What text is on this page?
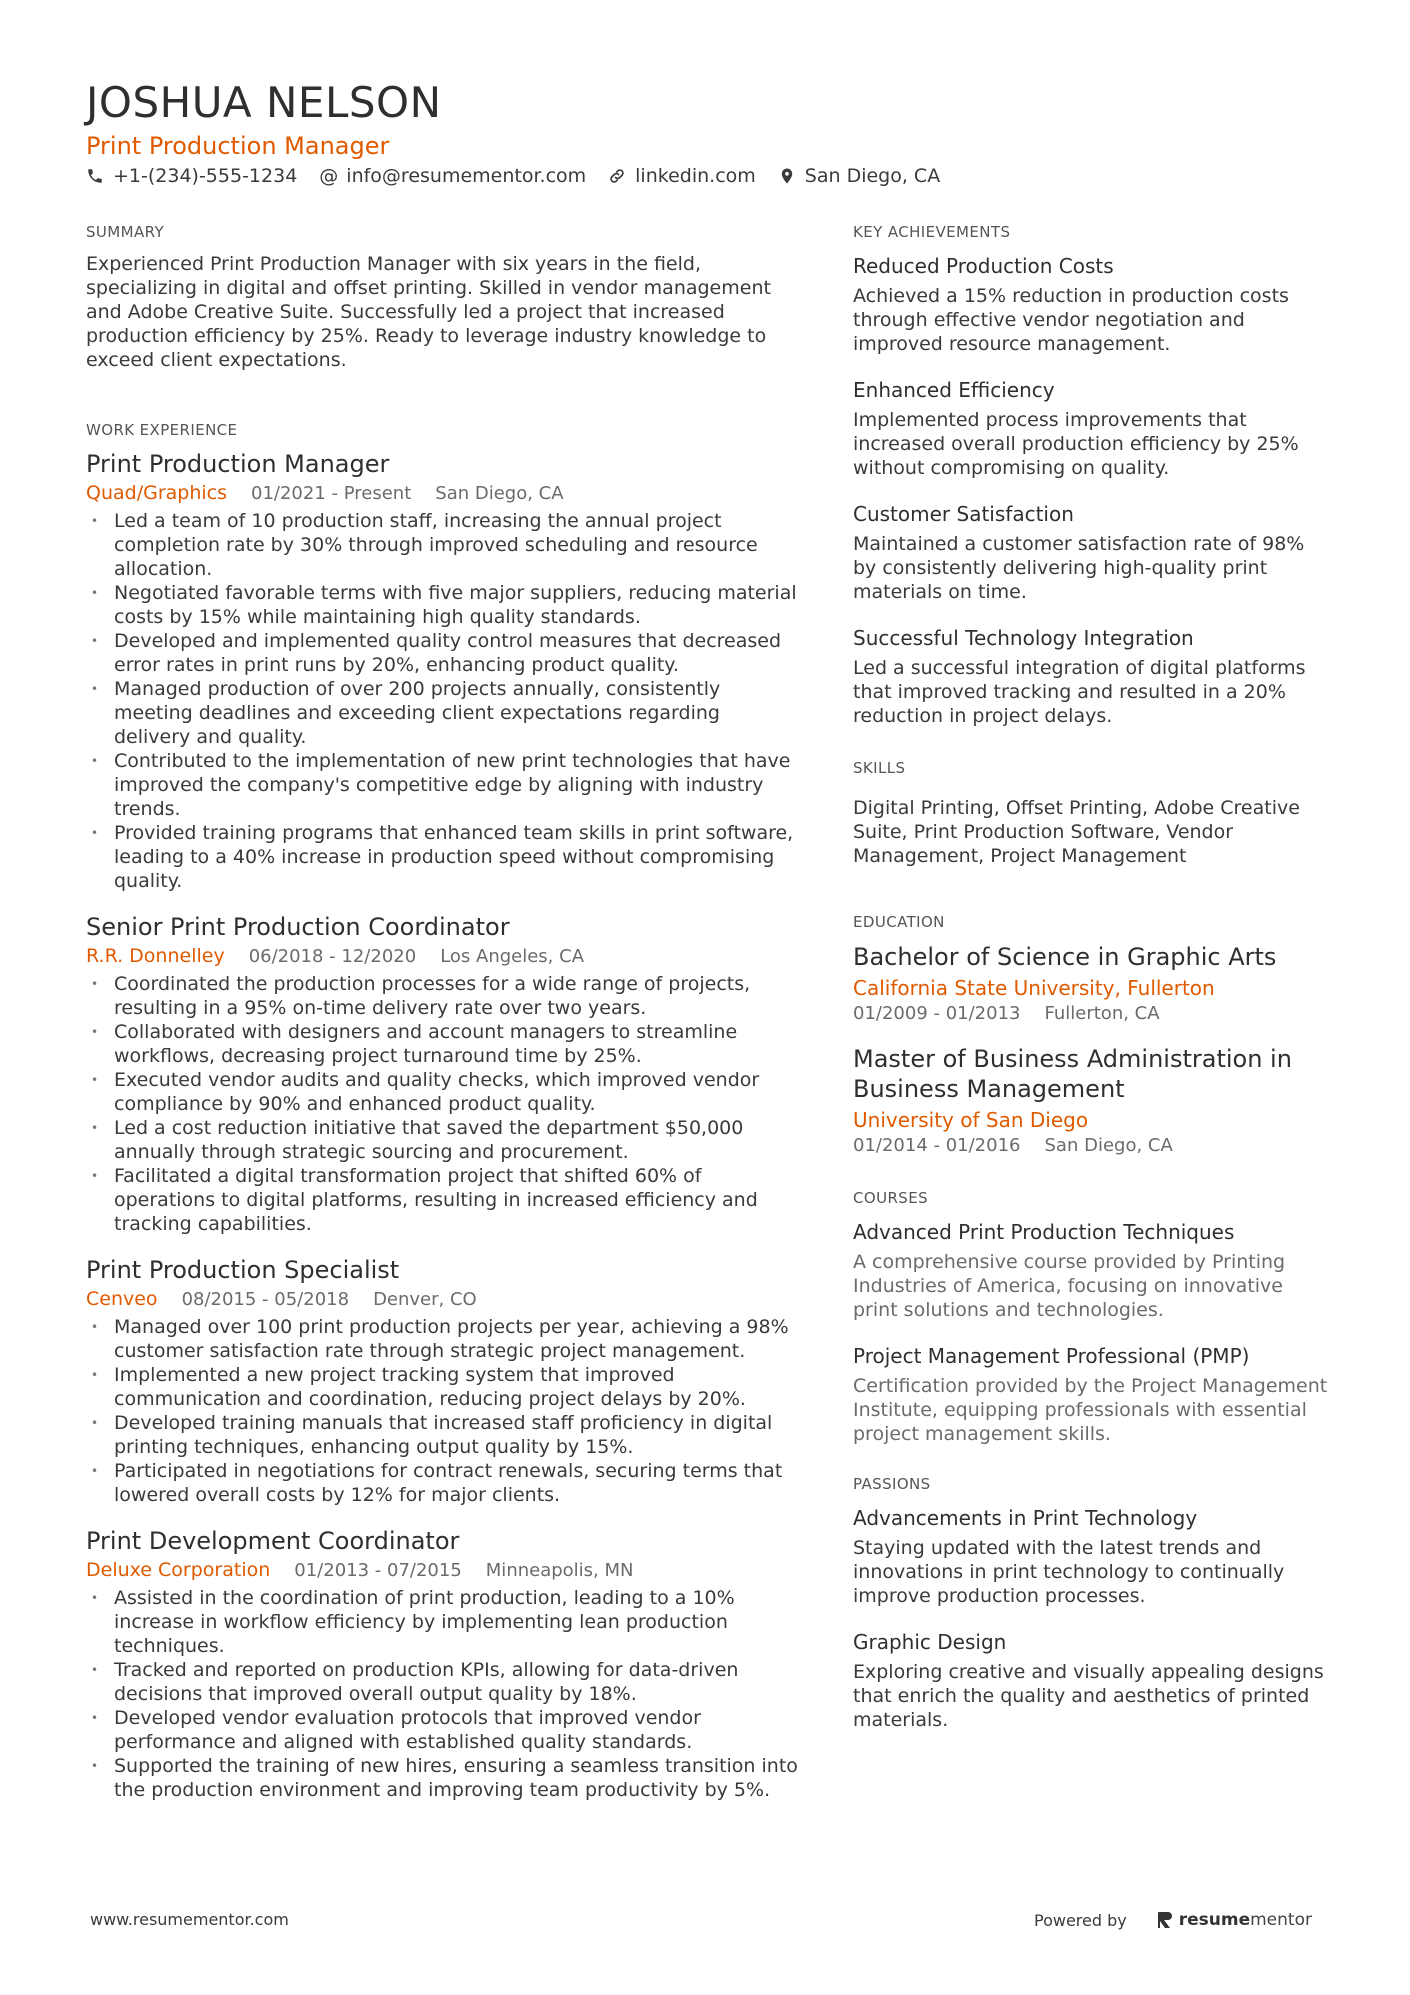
JOSHUA NELSON
Print Production Manager
+1-(234)-555-1234 @ info@resumementor.com	linkedin.com	San Diego, CA
SUMMARY

Experienced Print Production Manager with six years in the field, specializing in digital and offset printing. Skilled in vendor management and Adobe Creative Suite. Successfully led a project that increased production efficiency by 25%. Ready to leverage industry knowledge to exceed client expectations.

WORK EXPERIENCE
Print Production Manager
Quad/Graphics 01/2021 - Present San Diego, CA
• Led a team of 10 production staff, increasing the annual project completion rate by 30% through improved scheduling and resource allocation.
• Negotiated favorable terms with five major suppliers, reducing material costs by 15% while maintaining high quality standards.
• Developed and implemented quality control measures that decreased error rates in print runs by 20%, enhancing product quality.
• Managed production of over 200 projects annually, consistently meeting deadlines and exceeding client expectations regarding delivery and quality.
• Contributed to the implementation of new print technologies that have improved the company's competitive edge by aligning with industry trends.
• Provided training programs that enhanced team skills in print software, leading to a 40% increase in production speed without compromising quality.
Senior Print Production Coordinator
R.R. Donnelley 06/2018 - 12/2020 Los Angeles, CA
• Coordinated the production processes for a wide range of projects, resulting in a 95% on-time delivery rate over two years.
• Collaborated with designers and account managers to streamline workflows, decreasing project turnaround time by 25%.
• Executed vendor audits and quality checks, which improved vendor compliance by 90% and enhanced product quality.
• Led a cost reduction initiative that saved the department $50,000 annually through strategic sourcing and procurement.
• Facilitated a digital transformation project that shifted 60% of operations to digital platforms, resulting in increased efficiency and tracking capabilities.
Print Production Specialist
Cenveo 08/2015 - 05/2018 Denver, CO
• Managed over 100 print production projects per year, achieving a 98% customer satisfaction rate through strategic project management.
• Implemented a new project tracking system that improved communication and coordination, reducing project delays by 20%.
• Developed training manuals that increased staff proficiency in digital printing techniques, enhancing output quality by 15%.
• Participated in negotiations for contract renewals, securing terms that lowered overall costs by 12% for major clients.
Print Development Coordinator
Deluxe Corporation 01/2013 - 07/2015 Minneapolis, MN
• Assisted in the coordination of print production, leading to a 10% increase in workflow efficiency by implementing lean production techniques.
• Tracked and reported on production KPIs, allowing for data-driven decisions that improved overall output quality by 18%.
• Developed vendor evaluation protocols that improved vendor performance and aligned with established quality standards.
• Supported the training of new hires, ensuring a seamless transition into the production environment and improving team productivity by 5%.
KEY ACHIEVEMENTS
Reduced Production Costs

Achieved a 15% reduction in production costs through effective vendor negotiation and improved resource management.

Enhanced Efficiency

Implemented process improvements that increased overall production efficiency by 25% without compromising on quality.

Customer Satisfaction

Maintained a customer satisfaction rate of 98% by consistently delivering high-quality print materials on time.

Successful Technology Integration

Led a successful integration of digital platforms that improved tracking and resulted in a 20% reduction in project delays.

SKILLS

Digital Printing, Offset Printing, Adobe Creative Suite, Print Production Software, Vendor Management, Project Management

EDUCATION
Bachelor of Science in Graphic Arts
California State University, Fullerton
01/2009 - 01/2013 Fullerton, CA
Master of Business Administration in Business Management
University of San Diego
01/2014 - 01/2016 San Diego, CA
COURSES
Advanced Print Production Techniques

A comprehensive course provided by Printing Industries of America, focusing on innovative print solutions and technologies.

Project Management Professional (PMP)

Certification provided by the Project Management Institute, equipping professionals with essential project management skills.

PASSIONS
Advancements in Print Technology

Staying updated with the latest trends and innovations in print technology to continually improve production processes.

Graphic Design

Exploring creative and visually appealing designs that enrich the quality and aesthetics of printed materials.

www.resumementor.com	Powered by	resume mentor
